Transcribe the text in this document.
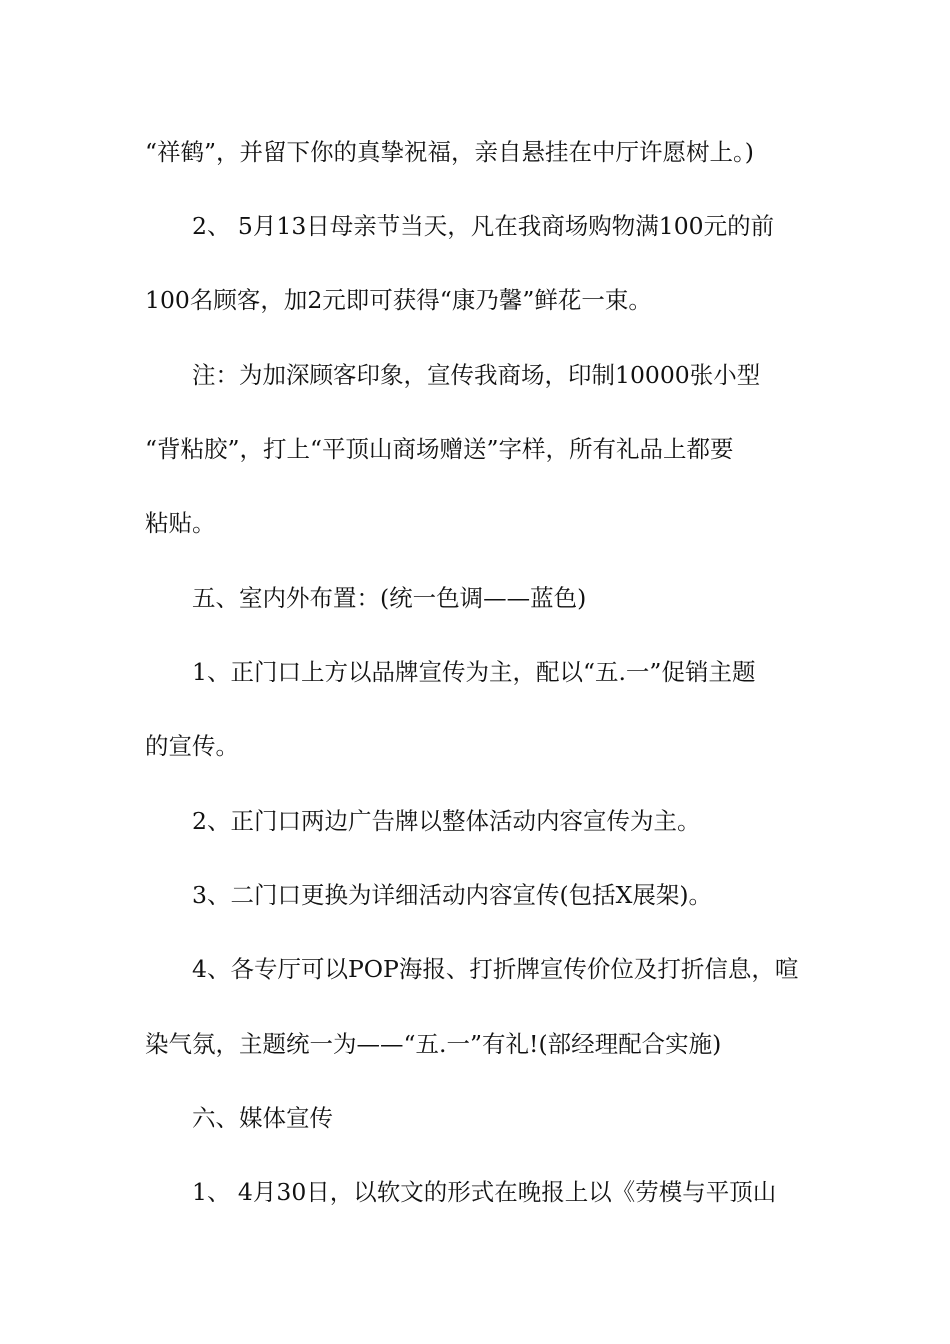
“祥鹤”，并留下你的真挚祝福，亲自悬挂在中厅许愿树上。)
2、 5月13日母亲节当天，凡在我商场购物满100元的前
100名顾客，加2元即可获得“康乃馨”鲜花一束。
注：为加深顾客印象，宣传我商场，印制10000张小型
“背粘胶”，打上“平顶山商场赠送”字样，所有礼品上都要
粘贴。
五、室内外布置：(统一色调——蓝色)
1、正门口上方以品牌宣传为主，配以“五.一”促销主题
的宣传。
2、正门口两边广告牌以整体活动内容宣传为主。
3、二门口更换为详细活动内容宣传(包括X展架)。
4、各专厅可以POP海报、打折牌宣传价位及打折信息，喧
染气氛，主题统一为——“五.一”有礼!(部经理配合实施)
六、媒体宣传
1、 4月30日，以软文的形式在晚报上以《劳模与平顶山
